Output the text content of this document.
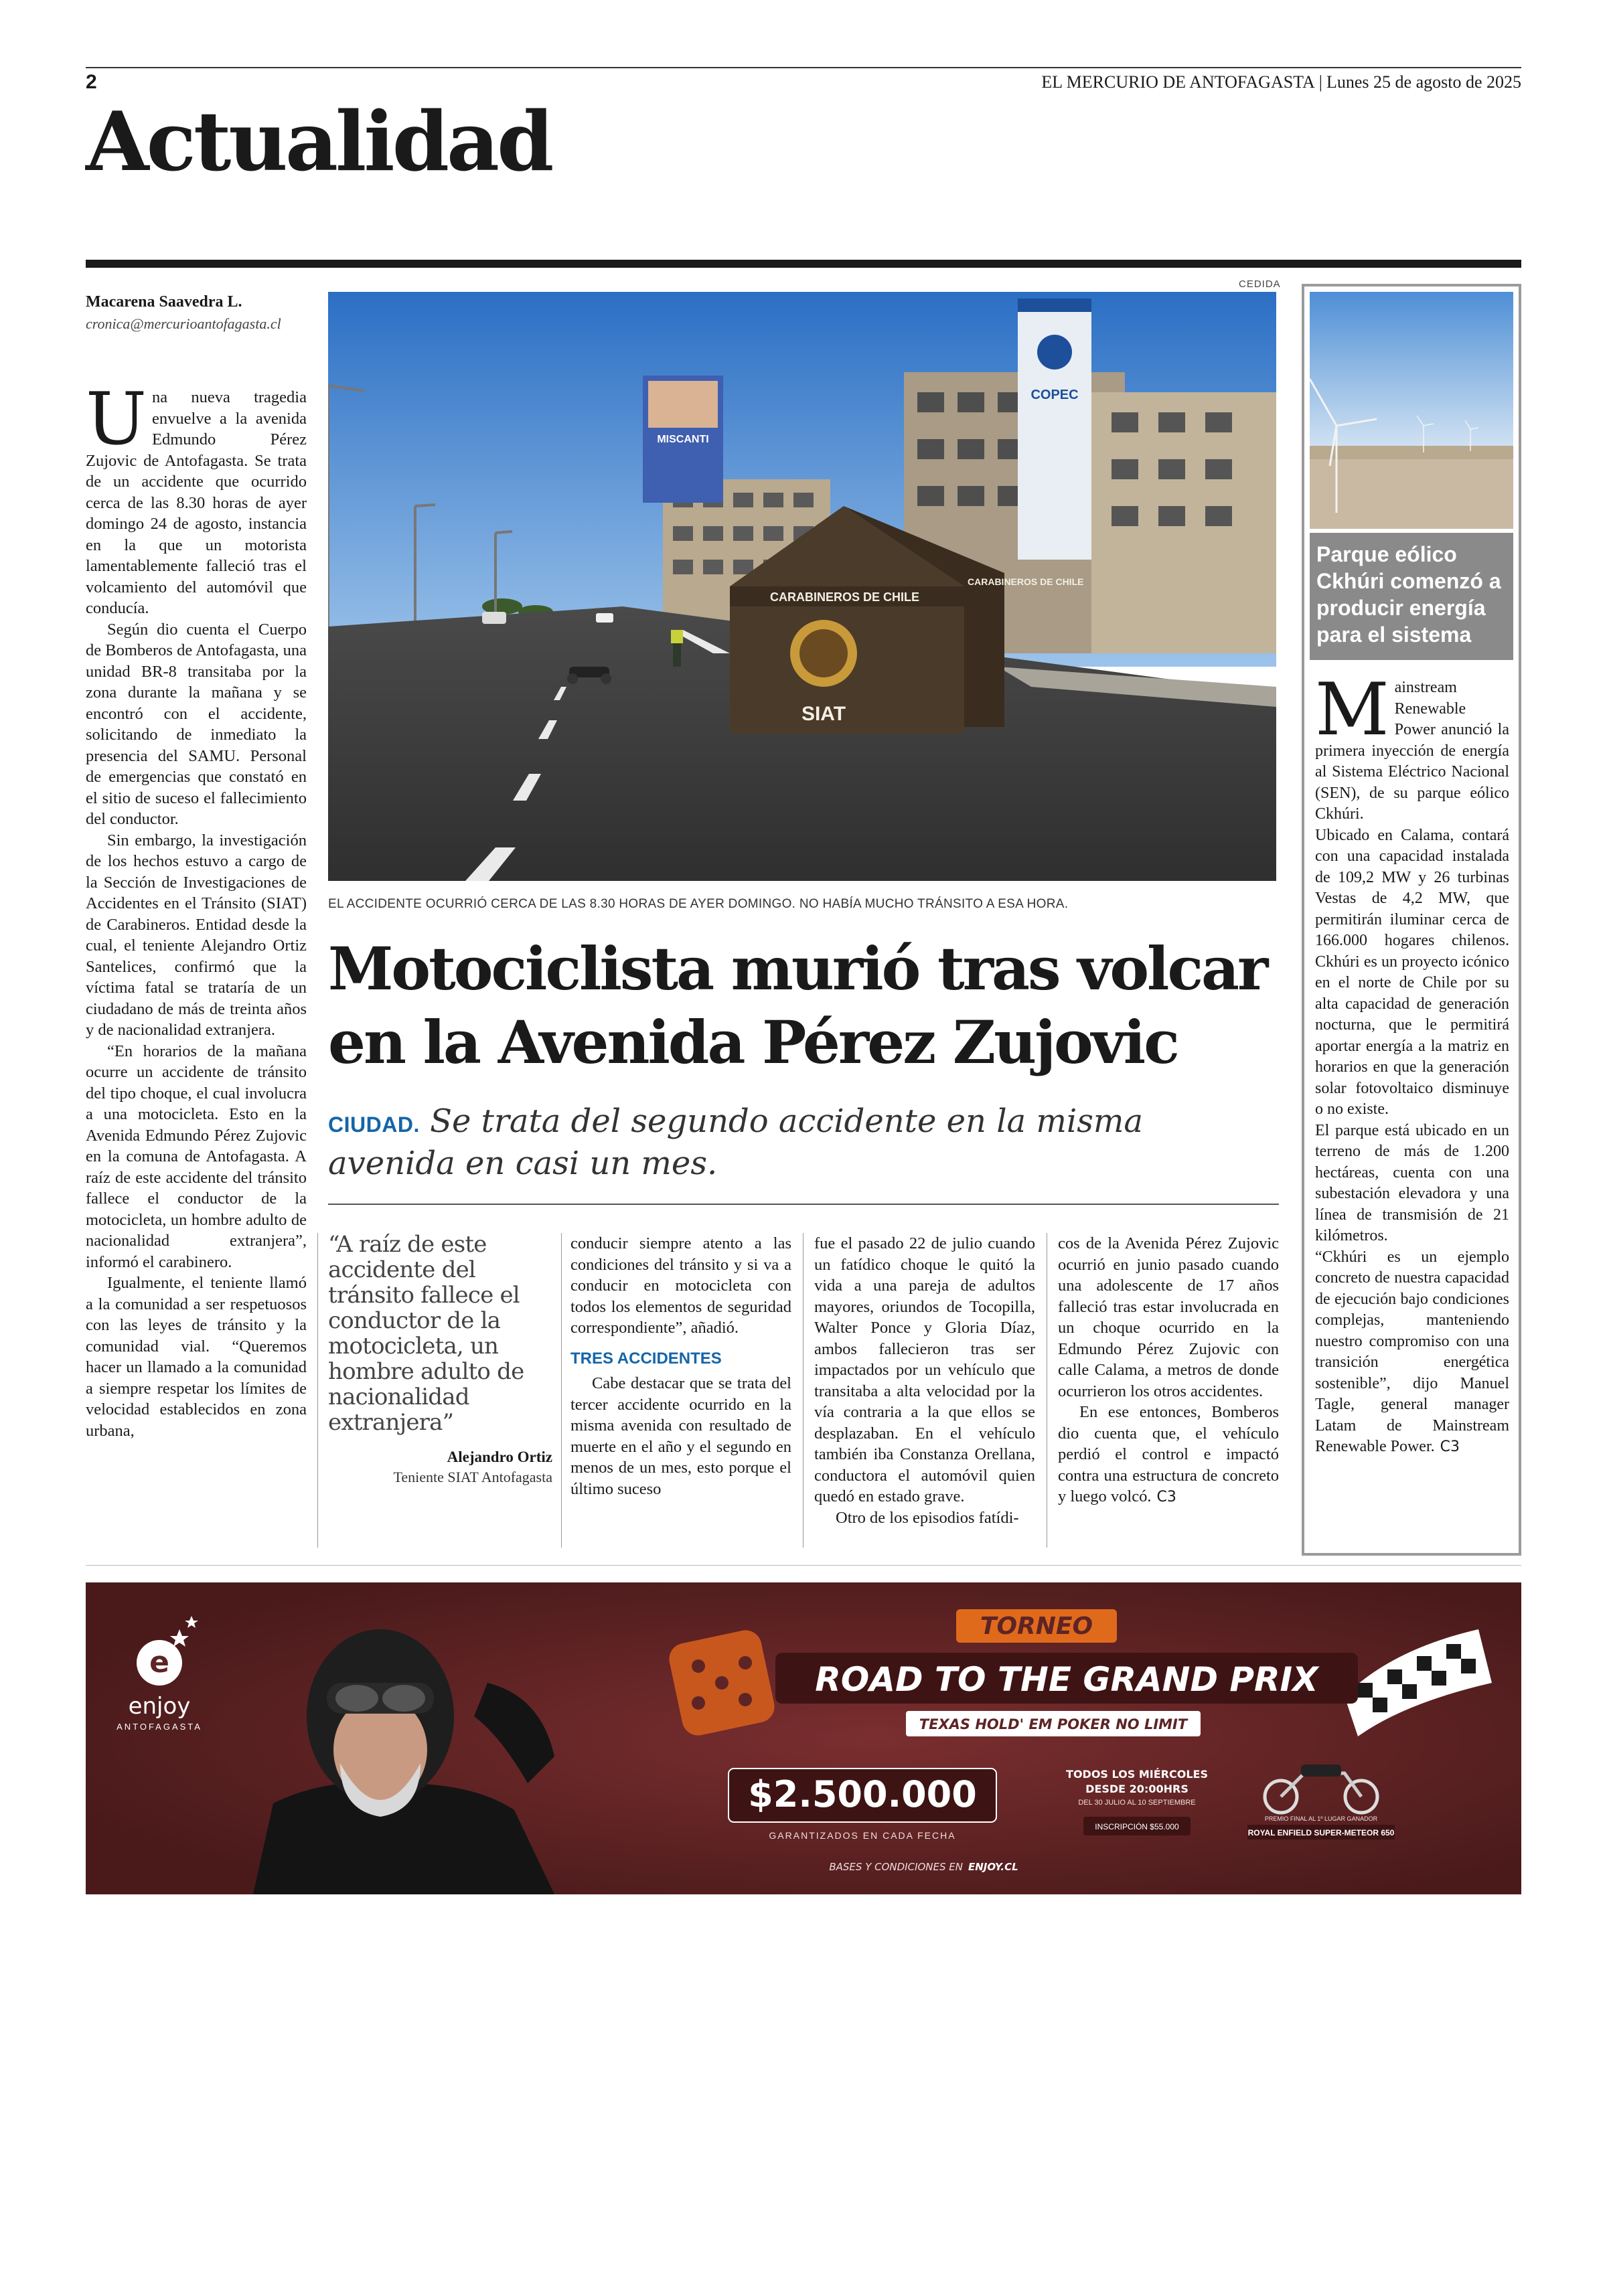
2	EL MERCURIO DE ANTOFAGASTA | Lunes 25 de agosto de 2025
Actualidad
Macarena Saavedra L.
cronica@mercurioantofagasta.cl

Una nueva tragedia envuelve a la avenida Edmundo Pérez Zujovic de Antofagasta. Se trata de un accidente que ocurrido cerca de las 8.30 horas de ayer domingo 24 de agosto, instancia en la que un motorista lamentablemente falleció tras el volcamiento del automóvil que conducía.

Según dio cuenta el Cuerpo de Bomberos de Antofagasta, una unidad BR-8 transitaba por la zona durante la mañana y se encontró con el accidente, solicitando de inmediato la presencia del SAMU. Personal de emergencias que constató en el sitio de suceso el fallecimiento del conductor.

Sin embargo, la investigación de los hechos estuvo a cargo de la Sección de Investigaciones de Accidentes en el Tránsito (SIAT) de Carabineros. Entidad desde la cual, el teniente Alejandro Ortiz Santelices, confirmó que la víctima fatal se trataría de un ciudadano de más de treinta años y de nacionalidad extranjera.

“En horarios de la mañana ocurre un accidente de tránsito del tipo choque, el cual involucra a una motocicleta. Esto en la Avenida Edmundo Pérez Zujovic en la comuna de Antofagasta. A raíz de este accidente del tránsito fallece el conductor de la motocicleta, un hombre adulto de nacionalidad extranjera”, informó el carabinero.

Igualmente, el teniente llamó a la comunidad a ser respetuosos con las leyes de tránsito y la comunidad vial. “Queremos hacer un llamado a la comunidad a siempre respetar los límites de velocidad establecidos en zona urbana,

CEDIDA
COPEC
MISCANTI
CARABINEROS DE CHILE
CARABINEROS DE CHILE
SIAT
EL ACCIDENTE OCURRIÓ CERCA DE LAS 8.30 HORAS DE AYER DOMINGO. NO HABÍA MUCHO TRÁNSITO A ESA HORA.
Motociclista murió tras volcar
en la Avenida Pérez Zujovic
CIUDAD. Se trata del segundo accidente en la misma avenida en casi un mes.
“A raíz de este accidente del tránsito fallece el conductor de la motocicleta, un hombre adulto de nacionalidad extranjera”
Alejandro Ortiz
Teniente SIAT Antofagasta

conducir siempre atento a las condiciones del tránsito y si va a conducir en motocicleta con todos los elementos de seguridad correspondiente”, añadió.

TRES ACCIDENTES

Cabe destacar que se trata del tercer accidente ocurrido en la misma avenida con resultado de muerte en el año y el segundo en menos de un mes, esto porque el último suceso

fue el pasado 22 de julio cuando un fatídico choque le quitó la vida a una pareja de adultos mayores, oriundos de Tocopilla, Walter Ponce y Gloria Díaz, ambos fallecieron tras ser impactados por un vehículo que transitaba a alta velocidad por la vía contraria a la que ellos se desplazaban. En el vehículo también iba Constanza Orellana, conductora el automóvil quien quedó en estado grave.

Otro de los episodios fatídi-

cos de la Avenida Pérez Zujovic ocurrió en junio pasado cuando una adolescente de 17 años falleció tras estar involucrada en un choque ocurrido en la Edmundo Pérez Zujovic con calle Calama, a metros de donde ocurrieron los otros accidentes.

En ese entonces, Bomberos dio cuenta que, el vehículo perdió el control e impactó contra una estructura de concreto y luego volcó. C3

Parque eólico Ckhúri comenzó a producir energía para el sistema

Mainstream Renewable Power anunció la primera inyección de energía al Sistema Eléctrico Nacional (SEN), de su parque eólico Ckhúri.

Ubicado en Calama, contará con una capacidad instalada de 109,2 MW y 26 turbinas Vestas de 4,2 MW, que permitirán iluminar cerca de 166.000 hogares chilenos. Ckhúri es un proyecto icónico en el norte de Chile por su alta capacidad de generación nocturna, que le permitirá aportar energía a la matriz en horarios en que la generación solar fotovoltaico disminuye o no existe.

El parque está ubicado en un terreno de más de 1.200 hectáreas, cuenta con una subestación elevadora y una línea de transmisión de 21 kilómetros.

“Ckhúri es un ejemplo concreto de nuestra capacidad de ejecución bajo condiciones complejas, manteniendo nuestro compromiso con una transición energética sostenible”, dijo Manuel Tagle, general manager Latam de Mainstream Renewable Power. C3

e
enjoy
ANTOFAGASTA
TORNEO
ROAD TO THE GRAND PRIX
TEXAS HOLD' EM POKER NO LIMIT
$2.500.000
GARANTIZADOS EN CADA FECHA
TODOS LOS MIÉRCOLES
DESDE 20:00HRS
DEL 30 JULIO AL 10 SEPTIEMBRE
INSCRIPCIÓN $55.000
PREMIO FINAL AL 1º LUGAR GANADOR
ROYAL ENFIELD SUPER-METEOR 650
BASES Y CONDICIONES EN ENJOY.CL
